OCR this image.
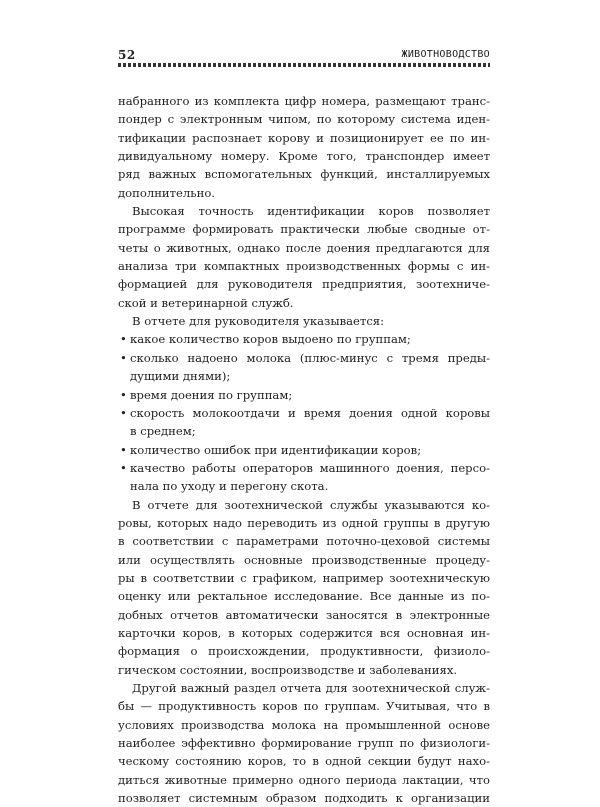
52	ЖИВОТНОВОДСТВО
набранного из комплекта цифр номера, размещают транс-
пондер с электронным чипом, по которому система иден-
тификации распознает корову и позиционирует ее по ин-
дивидуальному номеру. Кроме того, транспондер имеет
ряд важных вспомогательных функций, инсталлируемых
дополнительно.
Высокая точность идентификации коров позволяет
программе формировать практически любые сводные от-
четы о животных, однако после доения предлагаются для
анализа три компактных производственных формы с ин-
формацией для руководителя предприятия, зоотехниче-
ской и ветеринарной служб.
В отчете для руководителя указывается:
• какое количество коров выдоено по группам;
• сколько надоено молока (плюс-минус с тремя преды-
дущими днями);
• время доения по группам;
• скорость молокоотдачи и время доения одной коровы
в среднем;
• количество ошибок при идентификации коров;
• качество работы операторов машинного доения, персо-
нала по уходу и перегону скота.
В отчете для зоотехнической службы указываются ко-
ровы, которых надо переводить из одной группы в другую
в соответствии с параметрами поточно-цеховой системы
или осуществлять основные производственные процеду-
ры в соответствии с графиком, например зоотехническую
оценку или ректальное исследование. Все данные из по-
добных отчетов автоматически заносятся в электронные
карточки коров, в которых содержится вся основная ин-
формация о происхождении, продуктивности, физиоло-
гическом состоянии, воспроизводстве и заболеваниях.
Другой важный раздел отчета для зоотехнической служ-
бы — продуктивность коров по группам. Учитывая, что в
условиях производства молока на промышленной основе
наиболее эффективно формирование групп по физиологи-
ческому состоянию коров, то в одной секции будут нахо-
диться животные примерно одного периода лактации, что
позволяет системным образом подходить к организации
